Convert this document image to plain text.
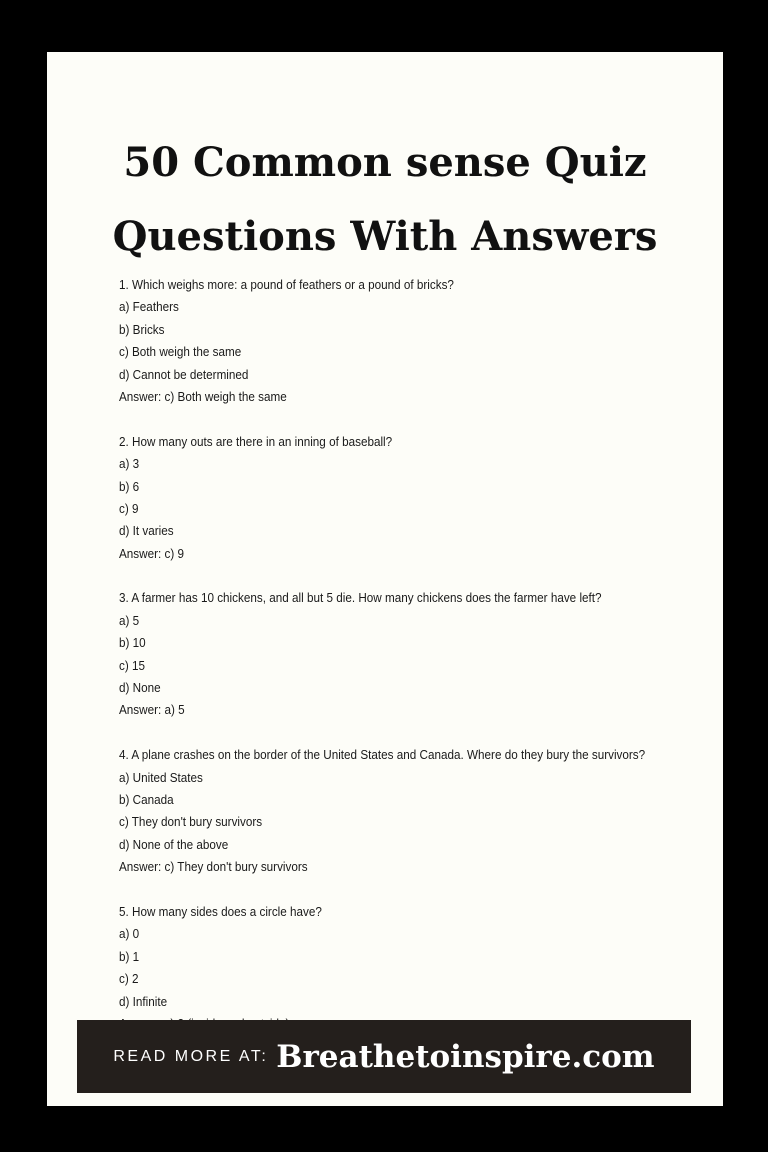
50 Common sense Quiz
Questions With Answers
1. Which weighs more: a pound of feathers or a pound of bricks?
a) Feathers
b) Bricks
c) Both weigh the same
d) Cannot be determined
Answer: c) Both weigh the same
2. How many outs are there in an inning of baseball?
a) 3
b) 6
c) 9
d) It varies
Answer: c) 9
3. A farmer has 10 chickens, and all but 5 die. How many chickens does the farmer have left?
a) 5
b) 10
c) 15
d) None
Answer: a) 5
4. A plane crashes on the border of the United States and Canada. Where do they bury the survivors?
a) United States
b) Canada
c) They don't bury survivors
d) None of the above
Answer: c) They don't bury survivors
5. How many sides does a circle have?
a) 0
b) 1
c) 2
d) Infinite
READ MORE AT: Breathetoinspire.com
